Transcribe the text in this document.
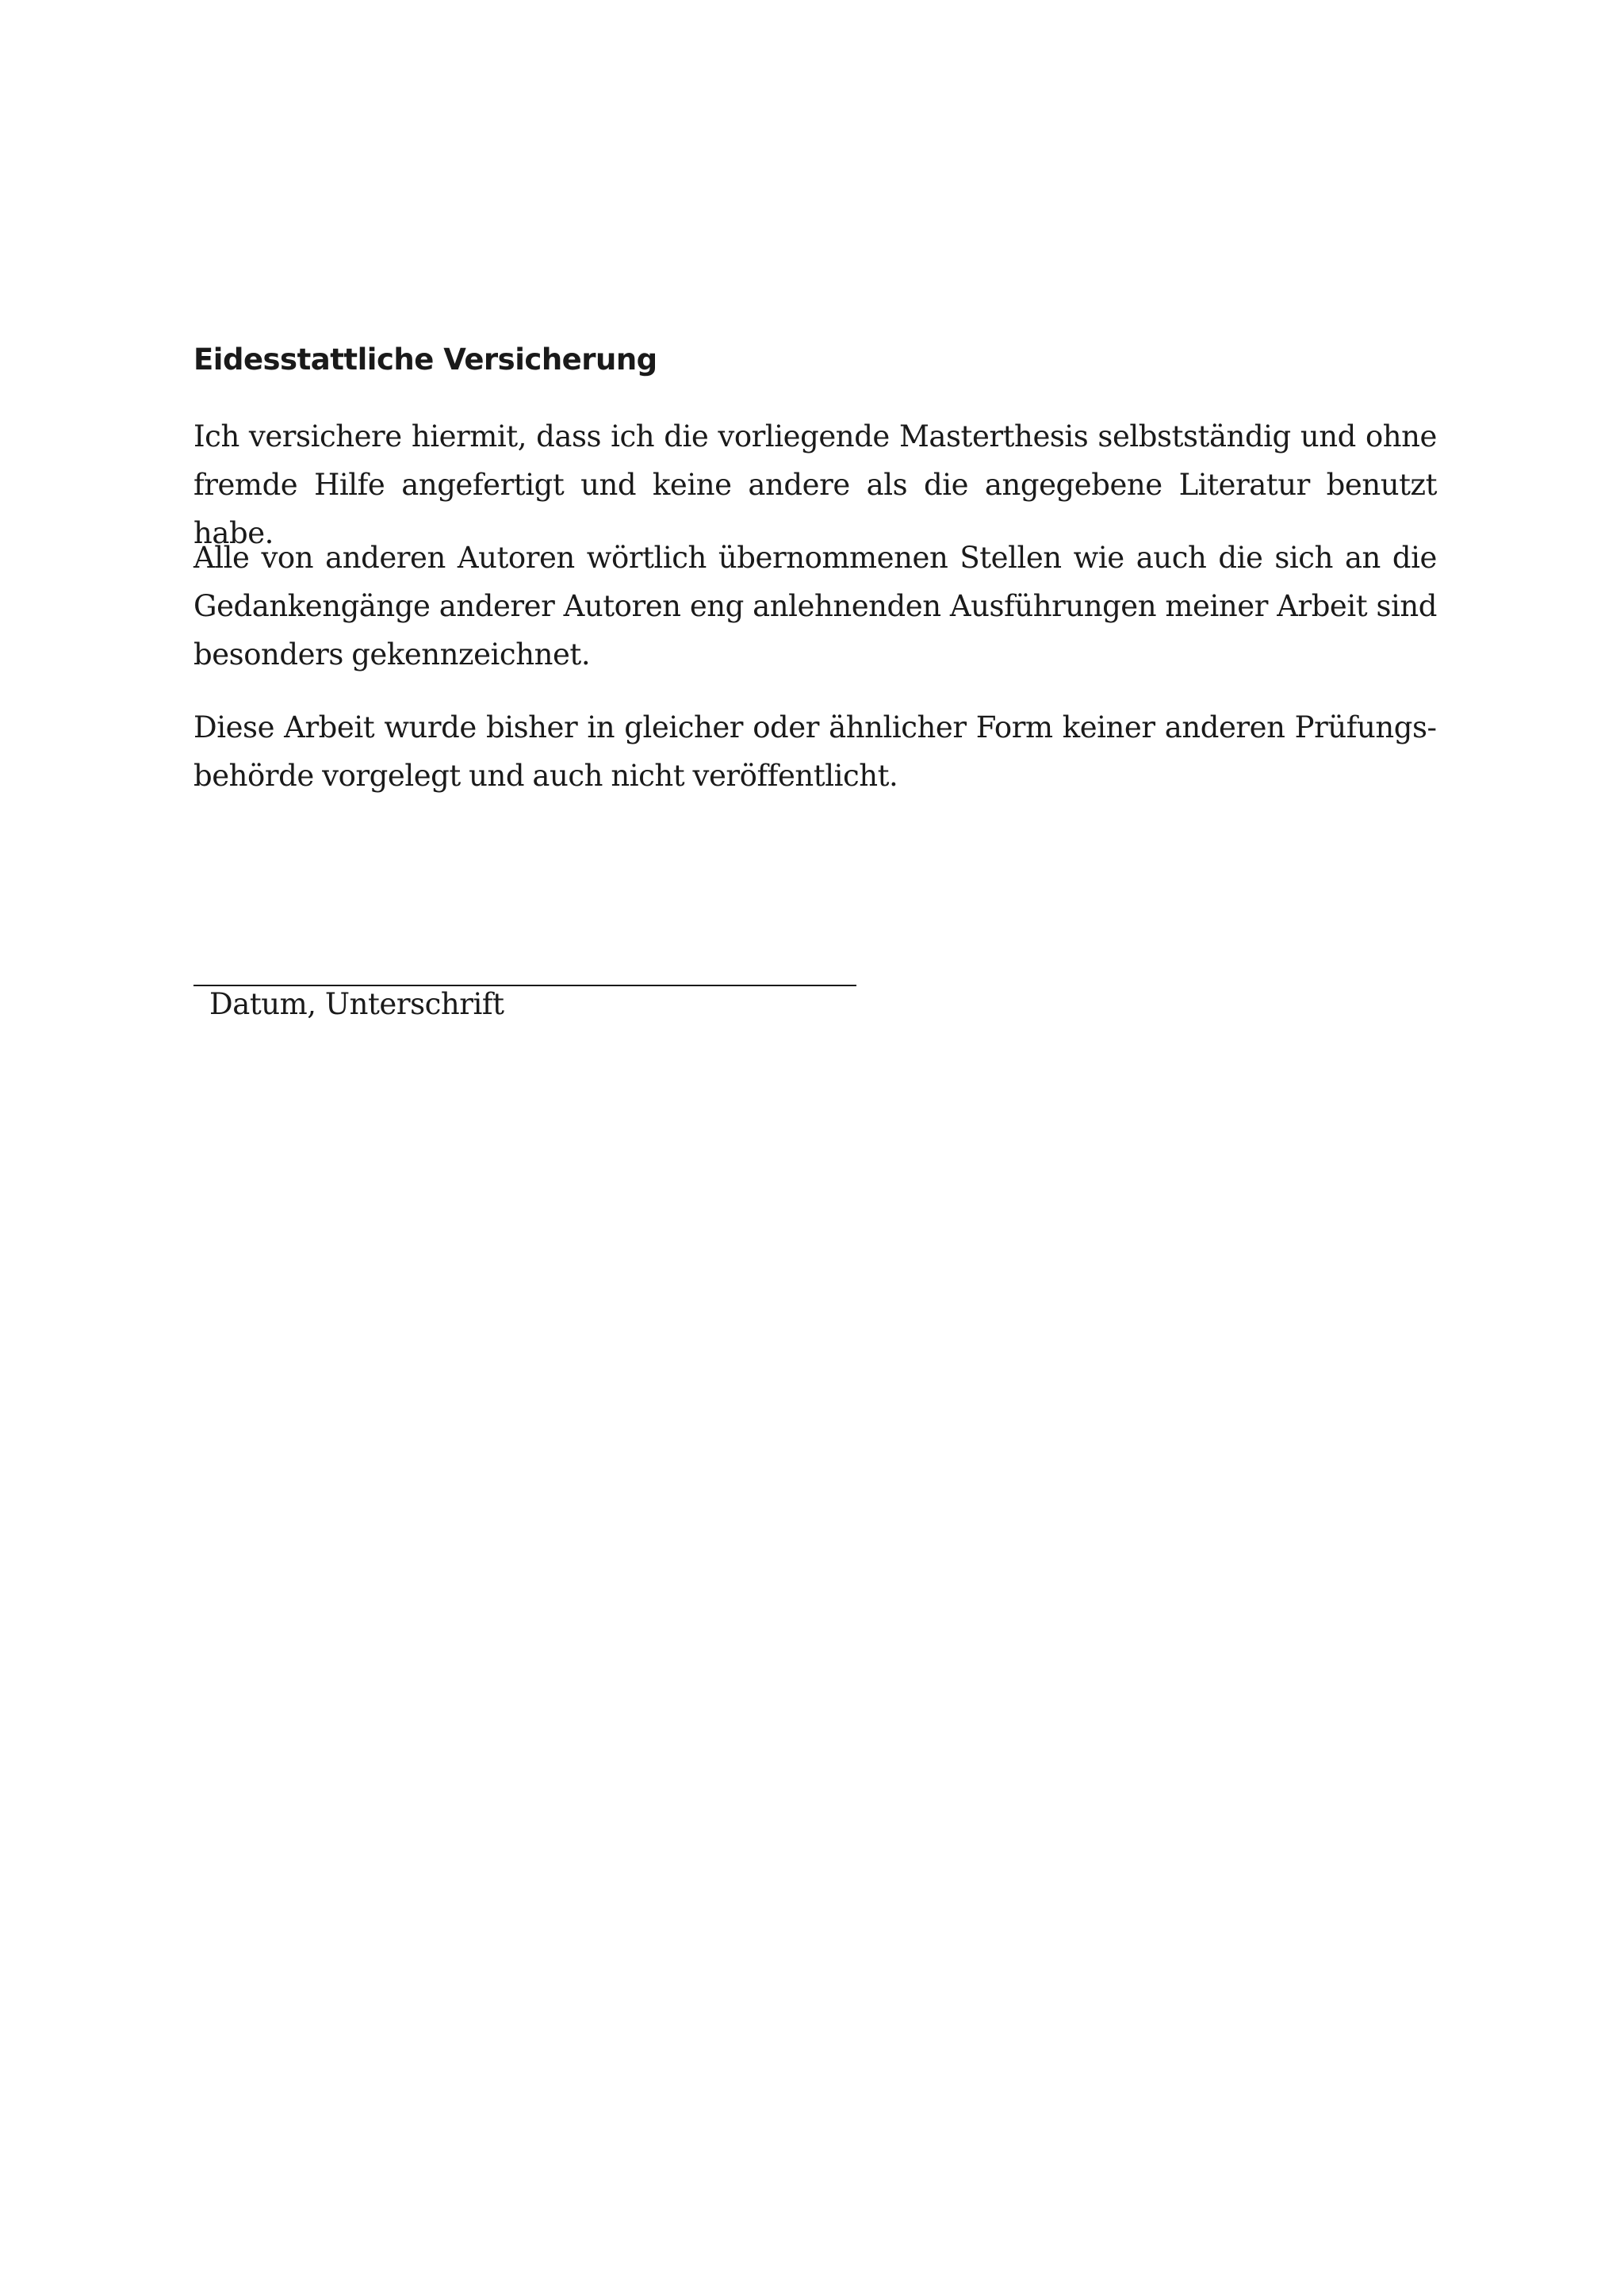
Eidesstattliche Versicherung

Ich versichere hiermit, dass ich die vorliegende Masterthesis selbstständig und ohne fremde Hilfe angefertigt und keine andere als die angegebene Literatur benutzt habe.

Alle von anderen Autoren wörtlich übernommenen Stellen wie auch die sich an die Gedankengänge anderer Autoren eng anlehnenden Ausführungen meiner Arbeit sind besonders gekennzeichnet.

Diese Arbeit wurde bisher in gleicher oder ähnlicher Form keiner anderen Prüfungsbehörde vorgelegt und auch nicht veröffentlicht.

Datum, Unterschrift
